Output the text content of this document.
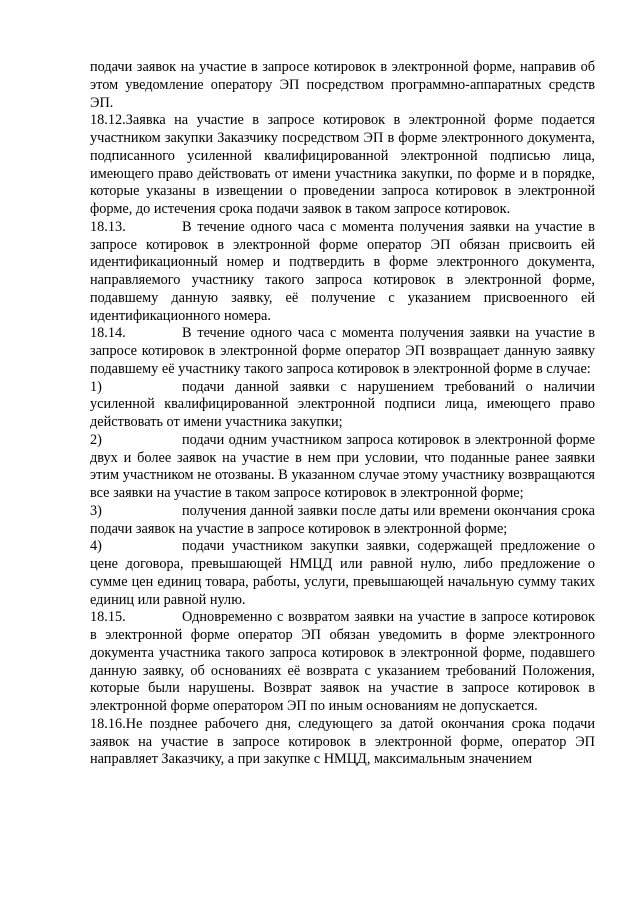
подачи заявок на участие в запросе котировок в электронной форме, направив об этом уведомление оператору ЭП посредством программно-аппаратных средств ЭП.

18.12.Заявка на участие в запросе котировок в электронной форме подается участником закупки Заказчику посредством ЭП в форме электронного документа, подписанного усиленной квалифицированной электронной подписью лица, имеющего право действовать от имени участника закупки, по форме и в порядке, которые указаны в извещении о проведении запроса котировок в электронной форме, до истечения срока подачи заявок в таком запросе котировок.

18.13.	В течение одного часа с момента получения заявки на участие в запросе котировок в электронной форме оператор ЭП обязан присвоить ей идентификационный номер и подтвердить в форме электронного документа, направляемого участнику такого запроса котировок в электронной форме, подавшему данную заявку, её получение с указанием присвоенного ей идентификационного номера.

18.14.	В течение одного часа с момента получения заявки на участие в запросе котировок в электронной форме оператор ЭП возвращает данную заявку подавшему её участнику такого запроса котировок в электронной форме в случае:

1)	подачи данной заявки с нарушением требований о наличии усиленной квалифицированной электронной подписи лица, имеющего право действовать от имени участника закупки;

2)	подачи одним участником запроса котировок в электронной форме двух и более заявок на участие в нем при условии, что поданные ранее заявки этим участником не отозваны. В указанном случае этому участнику возвращаются все заявки на участие в таком запросе котировок в электронной форме;

3)	получения данной заявки после даты или времени окончания срока подачи заявок на участие в запросе котировок в электронной форме;

4)	подачи участником закупки заявки, содержащей предложение о цене договора, превышающей НМЦД или равной нулю, либо предложение о сумме цен единиц товара, работы, услуги, превышающей начальную сумму таких единиц или равной нулю.

18.15.	Одновременно с возвратом заявки на участие в запросе котировок в электронной форме оператор ЭП обязан уведомить в форме электронного документа участника такого запроса котировок в электронной форме, подавшего данную заявку, об основаниях её возврата с указанием требований Положения, которые были нарушены. Возврат заявок на участие в запросе котировок в электронной форме оператором ЭП по иным основаниям не допускается.

18.16.Не позднее рабочего дня, следующего за датой окончания срока подачи заявок на участие в запросе котировок в электронной форме, оператор ЭП направляет Заказчику, а при закупке с НМЦД, максимальным значением
